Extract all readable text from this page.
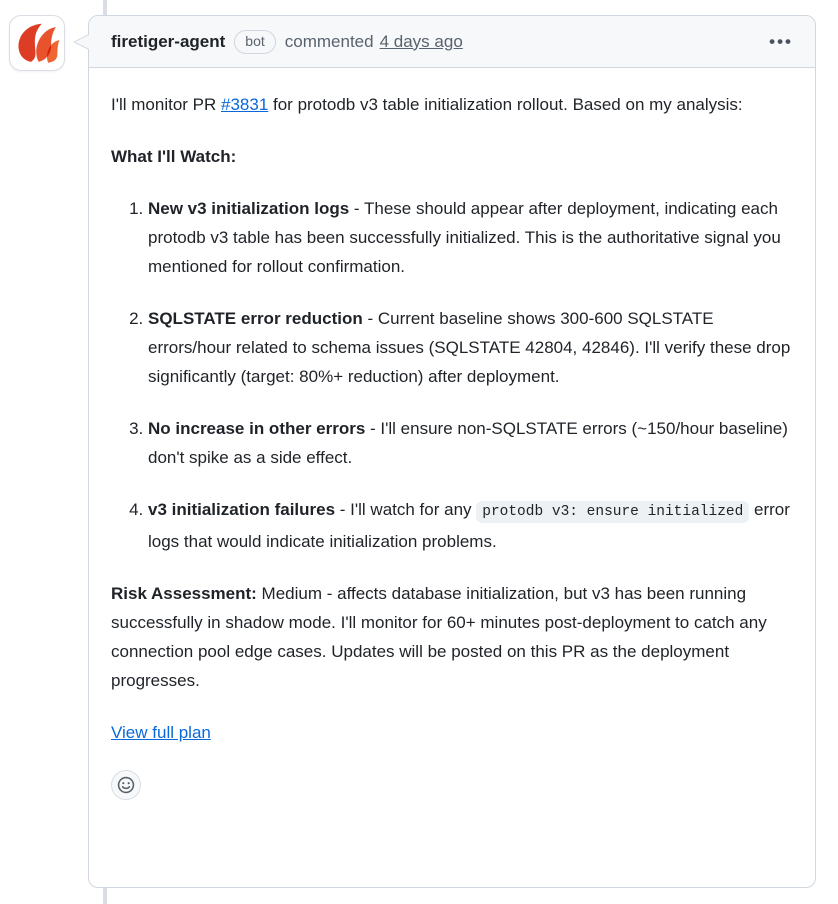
firetiger-agent	bot	commented 4 days ago	•••

I'll monitor PR #3831 for protodb v3 table initialization rollout. Based on my analysis:

What I'll Watch:

1. New v3 initialization logs - These should appear after deployment, indicating each protodb v3 table has been successfully initialized. This is the authoritative signal you mentioned for rollout confirmation.
2. SQLSTATE error reduction - Current baseline shows 300-600 SQLSTATE errors/hour related to schema issues (SQLSTATE 42804, 42846). I'll verify these drop significantly (target: 80%+ reduction) after deployment.
3. No increase in other errors - I'll ensure non-SQLSTATE errors (~150/hour baseline) don't spike as a side effect.
4. v3 initialization failures - I'll watch for any protodb v3: ensure initialized error logs that would indicate initialization problems.

Risk Assessment: Medium - affects database initialization, but v3 has been running successfully in shadow mode. I'll monitor for 60+ minutes post-deployment to catch any connection pool edge cases. Updates will be posted on this PR as the deployment progresses.

View full plan
